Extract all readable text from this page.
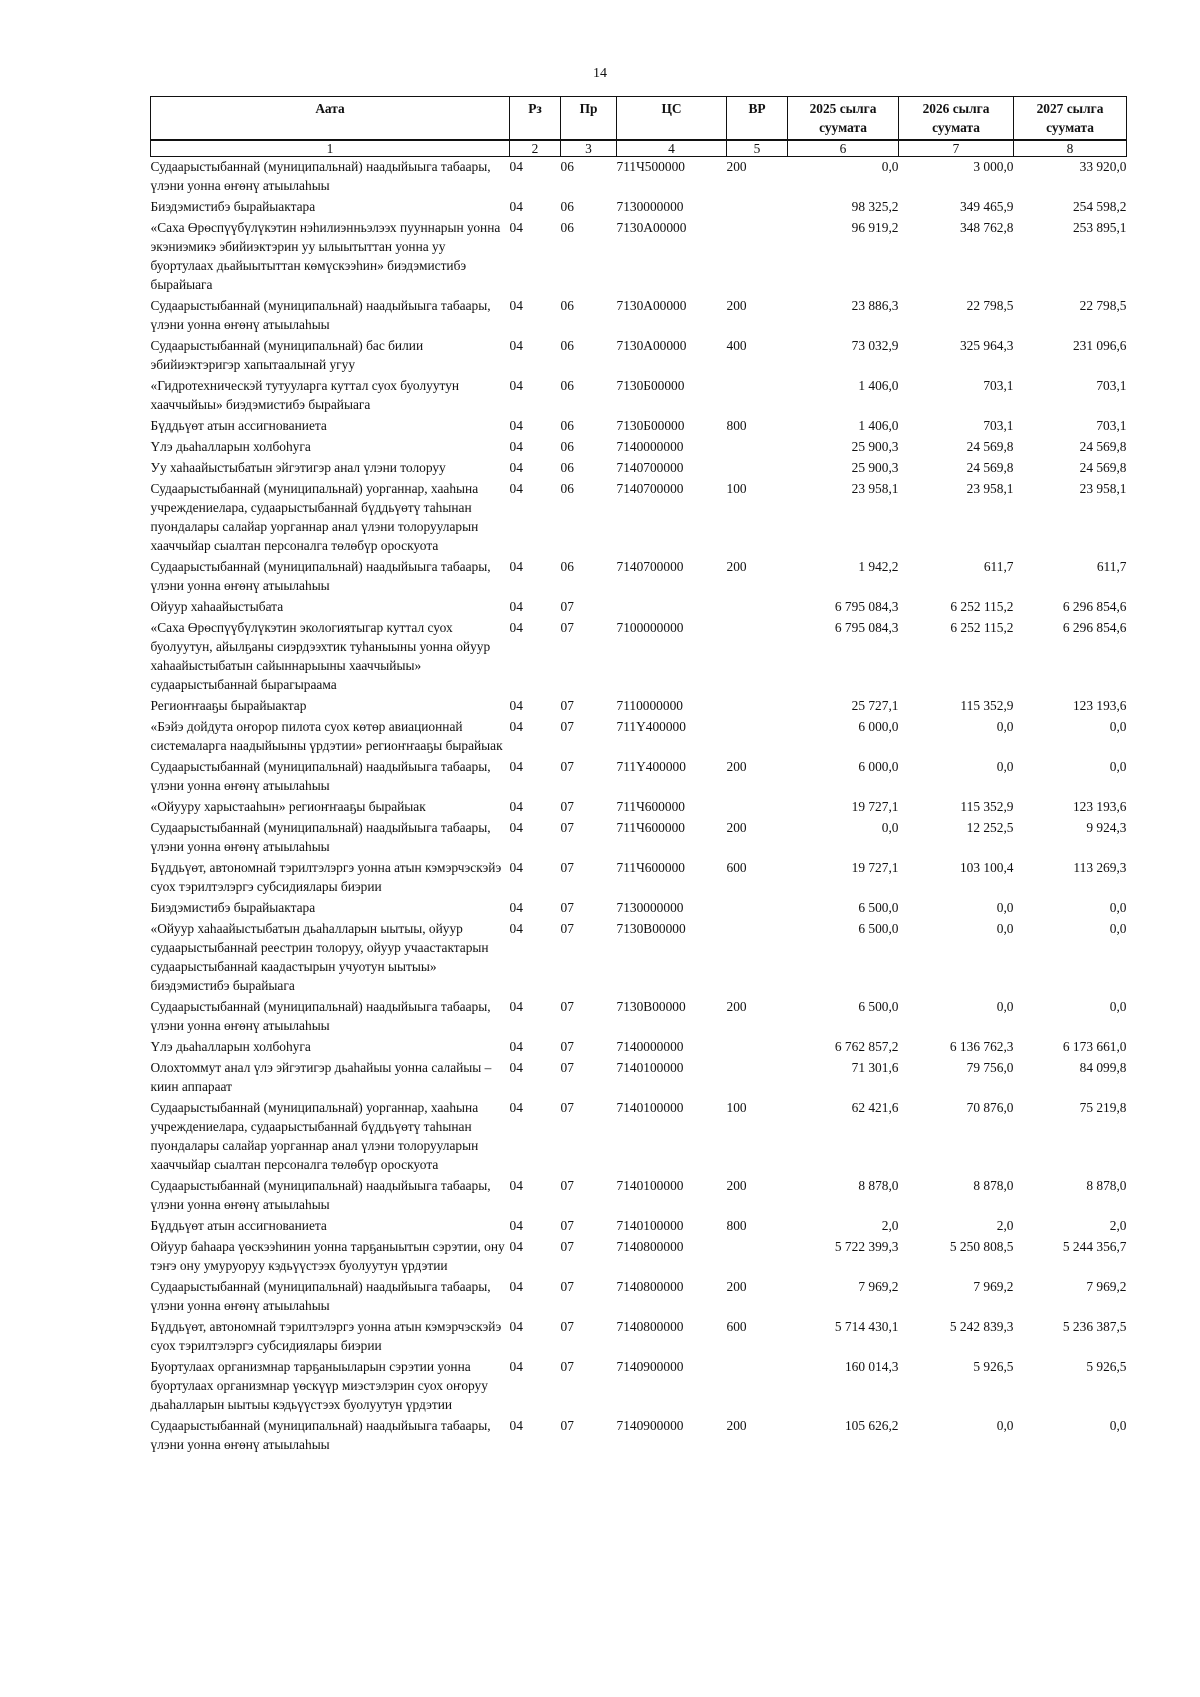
14
Аата	Рз	Пр	ЦС	ВР	2025 сылга суумата	2026 сылга суумата	2027 сылга суумата
1	2	3	4	5	6	7	8
Судаарыстыбаннай (муниципальнай) наадыйыыга табаары, үлэни уонна өҥөнү атыылаһыы	04	06	711Ч500000	200	0,0	3 000,0	33 920,0
Биэдэмистибэ бырайыактара	04	06	7130000000		98 325,2	349 465,9	254 598,2
«Саха Өрөспүүбүлүкэтин нэһилиэнньэлээх пууннарын уонна экэниэмикэ эбийиэктэрин уу ылыытыттан уонна уу буортулаах дьайыытыттан көмүскээһин» биэдэмистибэ бырайыага	04	06	7130А00000		96 919,2	348 762,8	253 895,1
Судаарыстыбаннай (муниципальнай) наадыйыыга табаары, үлэни уонна өҥөнү атыылаһыы	04	06	7130А00000	200	23 886,3	22 798,5	22 798,5
Судаарыстыбаннай (муниципальнай) бас билии эбийиэктэригэр хапытаалынай угуу	04	06	7130А00000	400	73 032,9	325 964,3	231 096,6
«Гидротехническэй тутууларга куттал суох буолуутун хааччыйыы» биэдэмистибэ бырайыага	04	06	7130Б00000		1 406,0	703,1	703,1
Бүддьүөт атын ассигнованиета	04	06	7130Б00000	800	1 406,0	703,1	703,1
Үлэ дьаһалларын холбоһуга	04	06	7140000000		25 900,3	24 569,8	24 569,8
Уу хаһаайыстыбатын эйгэтигэр анал үлэни толоруу	04	06	7140700000		25 900,3	24 569,8	24 569,8
Судаарыстыбаннай (муниципальнай) уорганнар, хааһына учреждениелара, судаарыстыбаннай бүддьүөтү таһынан пуондалары салайар уорганнар анал үлэни толорууларын хааччыйар сыалтан персоналга төлөбүр ороскуота	04	06	7140700000	100	23 958,1	23 958,1	23 958,1
Судаарыстыбаннай (муниципальнай) наадыйыыга табаары, үлэни уонна өҥөнү атыылаһыы	04	06	7140700000	200	1 942,2	611,7	611,7
Ойуур хаһаайыстыбата	04	07			6 795 084,3	6 252 115,2	6 296 854,6
«Саха Өрөспүүбүлүкэтин экологиятыгар куттал суох буолуутун, айылҕаны сиэрдээхтик туһаныыны уонна ойуур хаһаайыстыбатын сайыннарыыны хааччыйыы» судаарыстыбаннай бырагыраама	04	07	7100000000		6 795 084,3	6 252 115,2	6 296 854,6
Региоҥҥааҕы бырайыактар	04	07	7110000000		25 727,1	115 352,9	123 193,6
«Бэйэ дойдута оҥорор пилота суох көтөр авиационнай системаларга наадыйыыны үрдэтии» региоҥҥааҕы бырайыак	04	07	711Y400000		6 000,0	0,0	0,0
Судаарыстыбаннай (муниципальнай) наадыйыыга табаары, үлэни уонна өҥөнү атыылаһыы	04	07	711Y400000	200	6 000,0	0,0	0,0
«Ойууру харыстааһын» региоҥҥааҕы бырайыак	04	07	711Ч600000		19 727,1	115 352,9	123 193,6
Судаарыстыбаннай (муниципальнай) наадыйыыга табаары, үлэни уонна өҥөнү атыылаһыы	04	07	711Ч600000	200	0,0	12 252,5	9 924,3
Бүддьүөт, автономнай тэрилтэлэргэ уонна атын кэмэрчэскэйэ суох тэрилтэлэргэ субсидиялары биэрии	04	07	711Ч600000	600	19 727,1	103 100,4	113 269,3
Биэдэмистибэ бырайыактара	04	07	7130000000		6 500,0	0,0	0,0
«Ойуур хаһаайыстыбатын дьаһалларын ыытыы, ойуур судаарыстыбаннай реестрин толоруу, ойуур учаастактарын судаарыстыбаннай каадастырын учуотун ыытыы» биэдэмистибэ бырайыага	04	07	7130В00000		6 500,0	0,0	0,0
Судаарыстыбаннай (муниципальнай) наадыйыыга табаары, үлэни уонна өҥөнү атыылаһыы	04	07	7130В00000	200	6 500,0	0,0	0,0
Үлэ дьаһалларын холбоһуга	04	07	7140000000		6 762 857,2	6 136 762,3	6 173 661,0
Олохтоммут анал үлэ эйгэтигэр дьаһайыы уонна салайыы – киин аппараат	04	07	7140100000		71 301,6	79 756,0	84 099,8
Судаарыстыбаннай (муниципальнай) уорганнар, хааһына учреждениелара, судаарыстыбаннай бүддьүөтү таһынан пуондалары салайар уорганнар анал үлэни толорууларын хааччыйар сыалтан персоналга төлөбүр ороскуота	04	07	7140100000	100	62 421,6	70 876,0	75 219,8
Судаарыстыбаннай (муниципальнай) наадыйыыга табаары, үлэни уонна өҥөнү атыылаһыы	04	07	7140100000	200	8 878,0	8 878,0	8 878,0
Бүддьүөт атын ассигнованиета	04	07	7140100000	800	2,0	2,0	2,0
Ойуур баһаара үөскээһинин уонна тарҕаныытын сэрэтии, ону тэҥэ ону умуруоруу кэдьүүстээх буолуутун үрдэтии	04	07	7140800000		5 722 399,3	5 250 808,5	5 244 356,7
Судаарыстыбаннай (муниципальнай) наадыйыыга табаары, үлэни уонна өҥөнү атыылаһыы	04	07	7140800000	200	7 969,2	7 969,2	7 969,2
Бүддьүөт, автономнай тэрилтэлэргэ уонна атын кэмэрчэскэйэ суох тэрилтэлэргэ субсидиялары биэрии	04	07	7140800000	600	5 714 430,1	5 242 839,3	5 236 387,5
Буортулаах организмнар тарҕаныыларын сэрэтии уонна буортулаах организмнар үөскүүр миэстэлэрин суох оҥоруу дьаһалларын ыытыы кэдьүүстээх буолуутун үрдэтии	04	07	7140900000		160 014,3	5 926,5	5 926,5
Судаарыстыбаннай (муниципальнай) наадыйыыга табаары, үлэни уонна өҥөнү атыылаһыы	04	07	7140900000	200	105 626,2	0,0	0,0
